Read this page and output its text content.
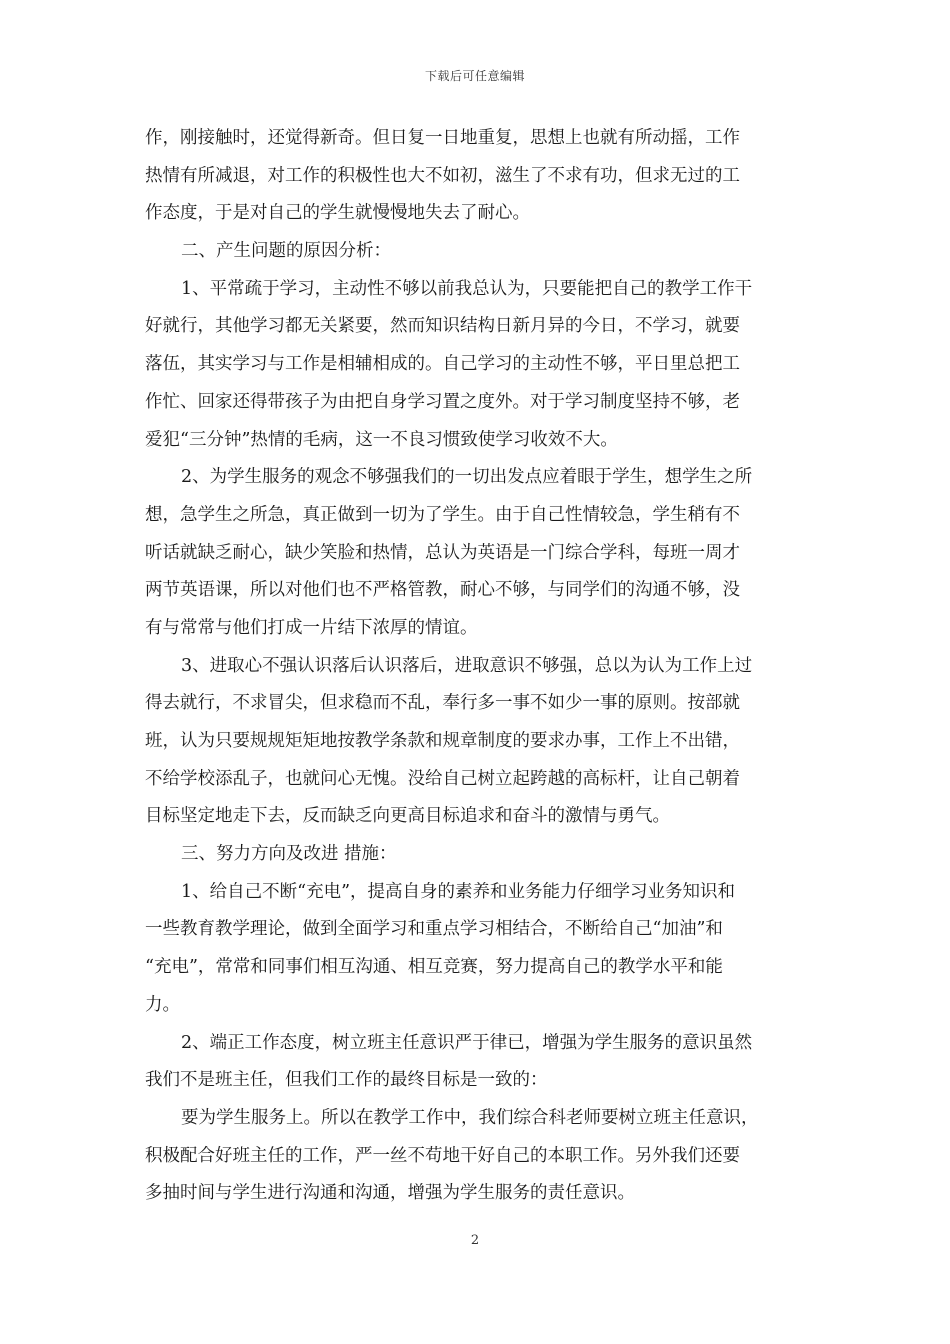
下载后可任意编辑
作，刚接触时，还觉得新奇。但日复一日地重复，思想上也就有所动摇，工作
热情有所减退，对工作的积极性也大不如初，滋生了不求有功，但求无过的工
作态度，于是对自己的学生就慢慢地失去了耐心。
二、产生问题的原因分析：
1、平常疏于学习，主动性不够以前我总认为，只要能把自己的教学工作干
好就行，其他学习都无关紧要，然而知识结构日新月异的今日，不学习，就要
落伍，其实学习与工作是相辅相成的。自己学习的主动性不够，平日里总把工
作忙、回家还得带孩子为由把自身学习置之度外。对于学习制度坚持不够，老
爱犯“三分钟”热情的毛病，这一不良习惯致使学习收效不大。
2、为学生服务的观念不够强我们的一切出发点应着眼于学生，想学生之所
想，急学生之所急，真正做到一切为了学生。由于自己性情较急，学生稍有不
听话就缺乏耐心，缺少笑脸和热情，总认为英语是一门综合学科，每班一周才
两节英语课，所以对他们也不严格管教，耐心不够，与同学们的沟通不够，没
有与常常与他们打成一片结下浓厚的情谊。
3、进取心不强认识落后认识落后，进取意识不够强，总以为认为工作上过
得去就行，不求冒尖，但求稳而不乱，奉行多一事不如少一事的原则。按部就
班，认为只要规规矩矩地按教学条款和规章制度的要求办事，工作上不出错，
不给学校添乱子，也就问心无愧。没给自己树立起跨越的高标杆，让自己朝着
目标坚定地走下去，反而缺乏向更高目标追求和奋斗的激情与勇气。
三、努力方向及改进 措施：
1、给自己不断“充电”，提高自身的素养和业务能力仔细学习业务知识和
一些教育教学理论，做到全面学习和重点学习相结合，不断给自己“加油”和
“充电”，常常和同事们相互沟通、相互竞赛，努力提高自己的教学水平和能
力。
2、端正工作态度，树立班主任意识严于律已，增强为学生服务的意识虽然
我们不是班主任，但我们工作的最终目标是一致的：
要为学生服务上。所以在教学工作中，我们综合科老师要树立班主任意识，
积极配合好班主任的工作，严一丝不苟地干好自己的本职工作。另外我们还要
多抽时间与学生进行沟通和沟通，增强为学生服务的责任意识。
2
